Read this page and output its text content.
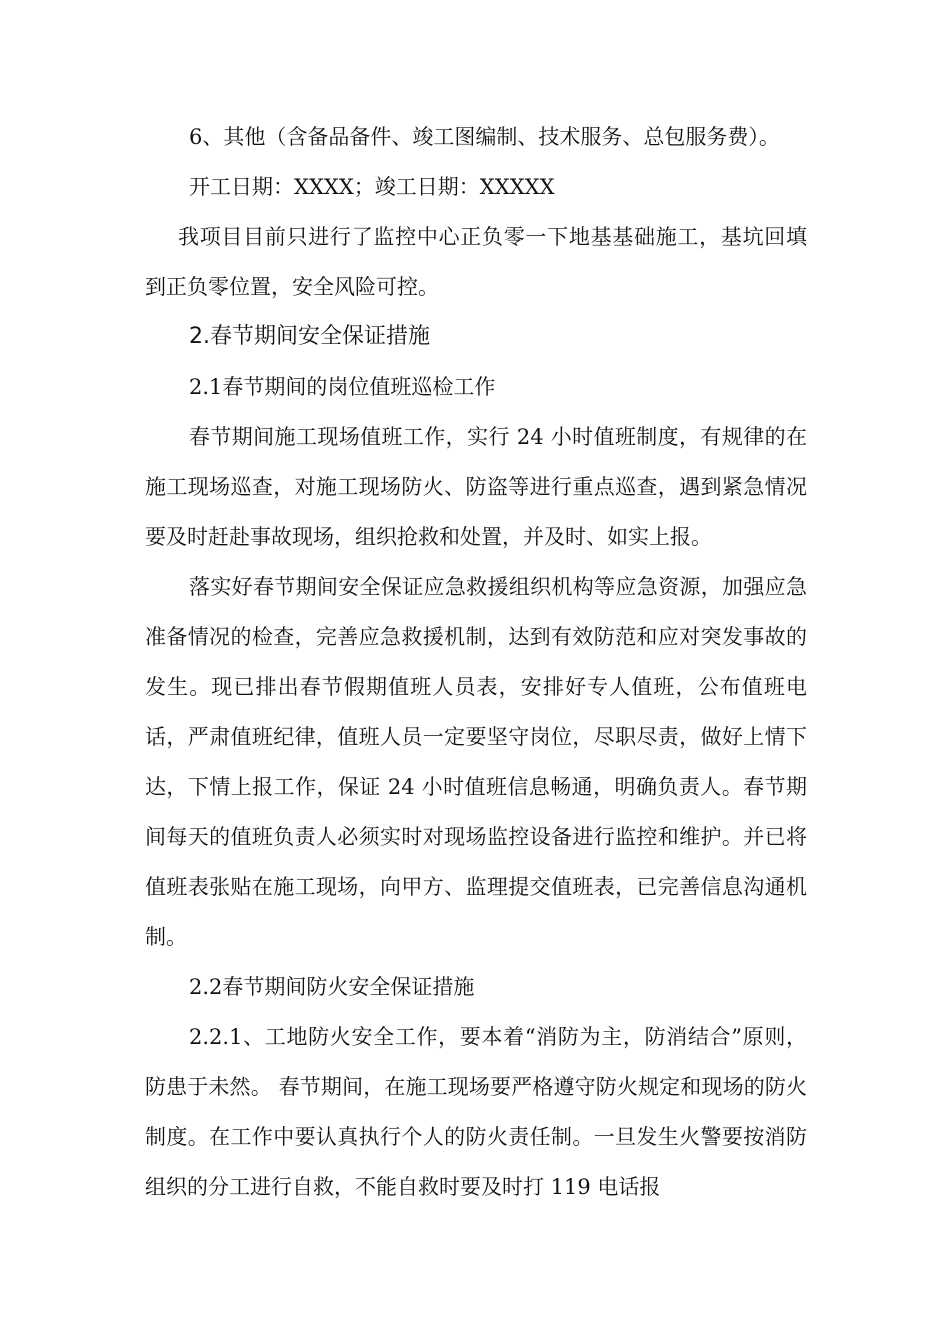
6、其他（含备品备件、竣工图编制、技术服务、总包服务费）。

开工日期：XXXX；竣工日期：XXXXX

我项目目前只进行了监控中心正负零一下地基基础施工，基坑回填到正负零位置，安全风险可控。

2.春节期间安全保证措施

2.1春节期间的岗位值班巡检工作

春节期间施工现场值班工作，实行 24 小时值班制度，有规律的在施工现场巡查，对施工现场防火、防盗等进行重点巡查，遇到紧急情况要及时赶赴事故现场，组织抢救和处置，并及时、如实上报。

落实好春节期间安全保证应急救援组织机构等应急资源，加强应急准备情况的检查，完善应急救援机制，达到有效防范和应对突发事故的发生。现已排出春节假期值班人员表，安排好专人值班，公布值班电话，严肃值班纪律，值班人员一定要坚守岗位，尽职尽责，做好上情下达，下情上报工作，保证 24 小时值班信息畅通，明确负责人。春节期间每天的值班负责人必须实时对现场监控设备进行监控和维护。并已将值班表张贴在施工现场，向甲方、监理提交值班表，已完善信息沟通机制。

2.2春节期间防火安全保证措施

2.2.1、工地防火安全工作，要本着“消防为主，防消结合”原则，防患于未然。 春节期间，在施工现场要严格遵守防火规定和现场的防火制度。在工作中要认真执行个人的防火责任制。一旦发生火警要按消防组织的分工进行自救，不能自救时要及时打 119 电话报
